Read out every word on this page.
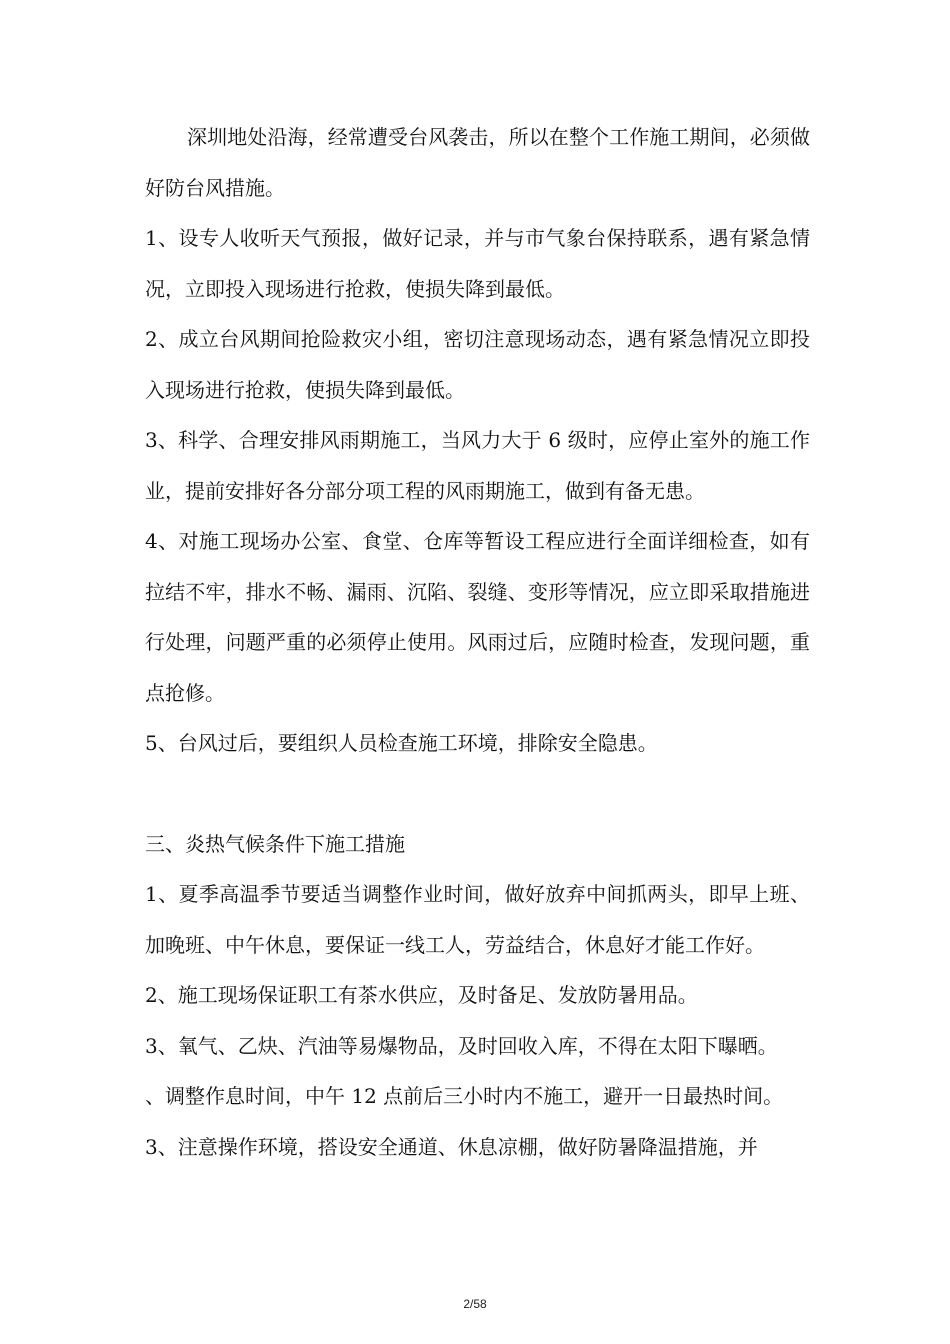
深圳地处沿海，经常遭受台风袭击，所以在整个工作施工期间，必须做好防台风措施。

1、设专人收听天气预报，做好记录，并与市气象台保持联系，遇有紧急情况，立即投入现场进行抢救，使损失降到最低。

2、成立台风期间抢险救灾小组，密切注意现场动态，遇有紧急情况立即投入现场进行抢救，使损失降到最低。

3、科学、合理安排风雨期施工，当风力大于 6 级时，应停止室外的施工作业，提前安排好各分部分项工程的风雨期施工，做到有备无患。

4、对施工现场办公室、食堂、仓库等暂设工程应进行全面详细检查，如有拉结不牢，排水不畅、漏雨、沉陷、裂缝、变形等情况，应立即采取措施进行处理，问题严重的必须停止使用。风雨过后，应随时检查，发现问题，重点抢修。

5、台风过后，要组织人员检查施工环境，排除安全隐患。

三、炎热气候条件下施工措施

1、夏季高温季节要适当调整作业时间，做好放弃中间抓两头，即早上班、加晚班、中午休息，要保证一线工人，劳益结合，休息好才能工作好。

2、施工现场保证职工有茶水供应，及时备足、发放防暑用品。

3、氧气、乙炔、汽油等易爆物品，及时回收入库，不得在太阳下曝晒。

、调整作息时间，中午 12 点前后三小时内不施工，避开一日最热时间。

3、注意操作环境，搭设安全通道、休息凉棚，做好防暑降温措施，并

2/58
